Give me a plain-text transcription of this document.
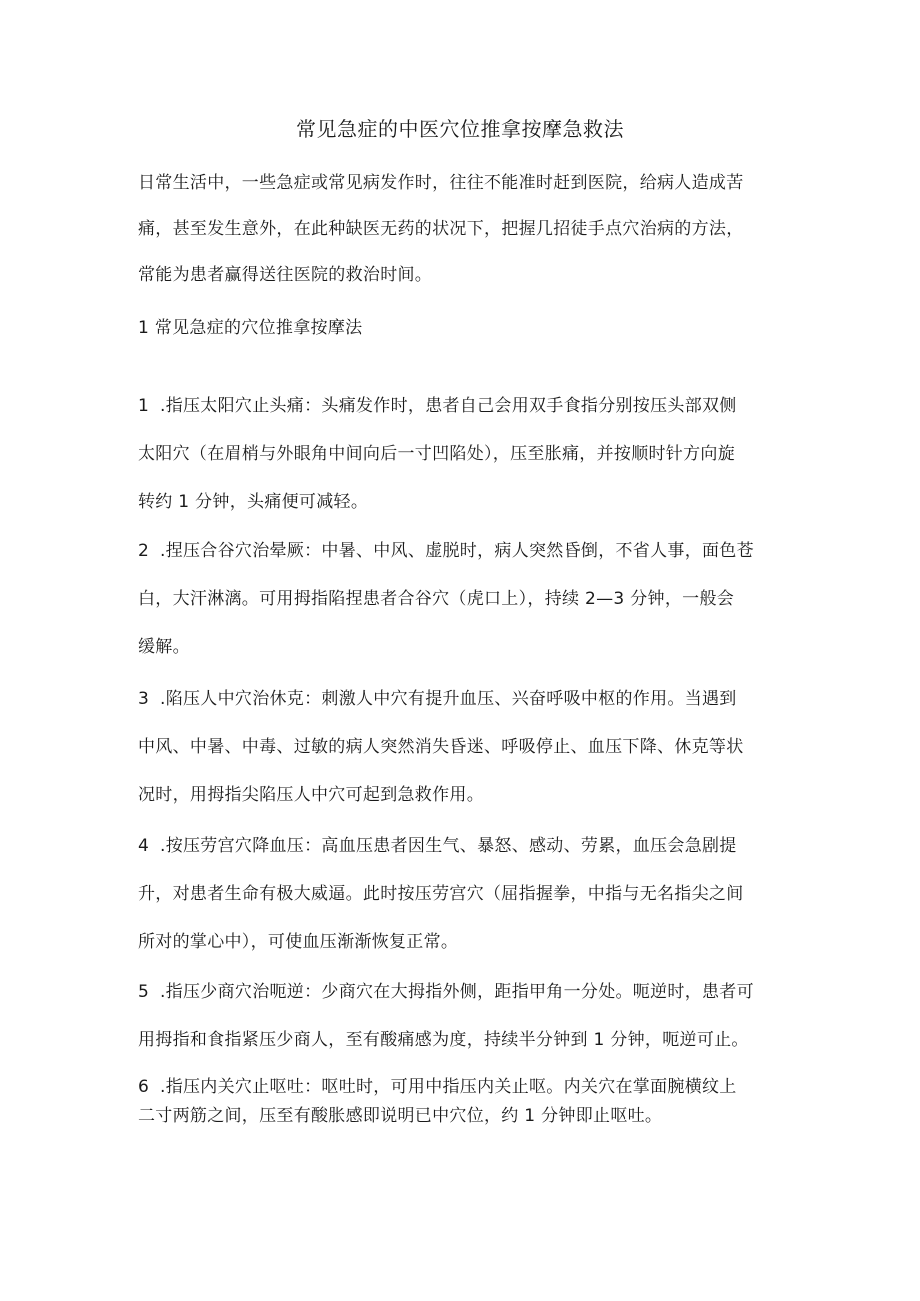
常见急症的中医穴位推拿按摩急救法
日常生活中，一些急症或常见病发作时，往往不能准时赶到医院，给病人造成苦
痛，甚至发生意外，在此种缺医无药的状况下，把握几招徒手点穴治病的方法，
常能为患者赢得送往医院的救治时间。
1 常见急症的穴位推拿按摩法
1 .指压太阳穴止头痛：头痛发作时，患者自己会用双手食指分别按压头部双侧
太阳穴（在眉梢与外眼角中间向后一寸凹陷处），压至胀痛，并按顺时针方向旋
转约 1 分钟，头痛便可减轻。
2 .捏压合谷穴治晕厥：中暑、中风、虚脱时，病人突然昏倒，不省人事，面色苍
白，大汗淋漓。可用拇指陷捏患者合谷穴（虎口上），持续 2—3 分钟，一般会
缓解。
3 .陷压人中穴治休克：刺激人中穴有提升血压、兴奋呼吸中枢的作用。当遇到
中风、中暑、中毒、过敏的病人突然消失昏迷、呼吸停止、血压下降、休克等状
况时，用拇指尖陷压人中穴可起到急救作用。
4 .按压劳宫穴降血压：高血压患者因生气、暴怒、感动、劳累，血压会急剧提
升，对患者生命有极大威逼。此时按压劳宫穴（屈指握拳，中指与无名指尖之间
所对的掌心中），可使血压渐渐恢复正常。
5 .指压少商穴治呃逆：少商穴在大拇指外侧，距指甲角一分处。呃逆时，患者可
用拇指和食指紧压少商人，至有酸痛感为度，持续半分钟到 1 分钟，呃逆可止。
6 .指压内关穴止呕吐：呕吐时，可用中指压内关止呕。内关穴在掌面腕横纹上
二寸两筋之间，压至有酸胀感即说明已中穴位，约 1 分钟即止呕吐。
